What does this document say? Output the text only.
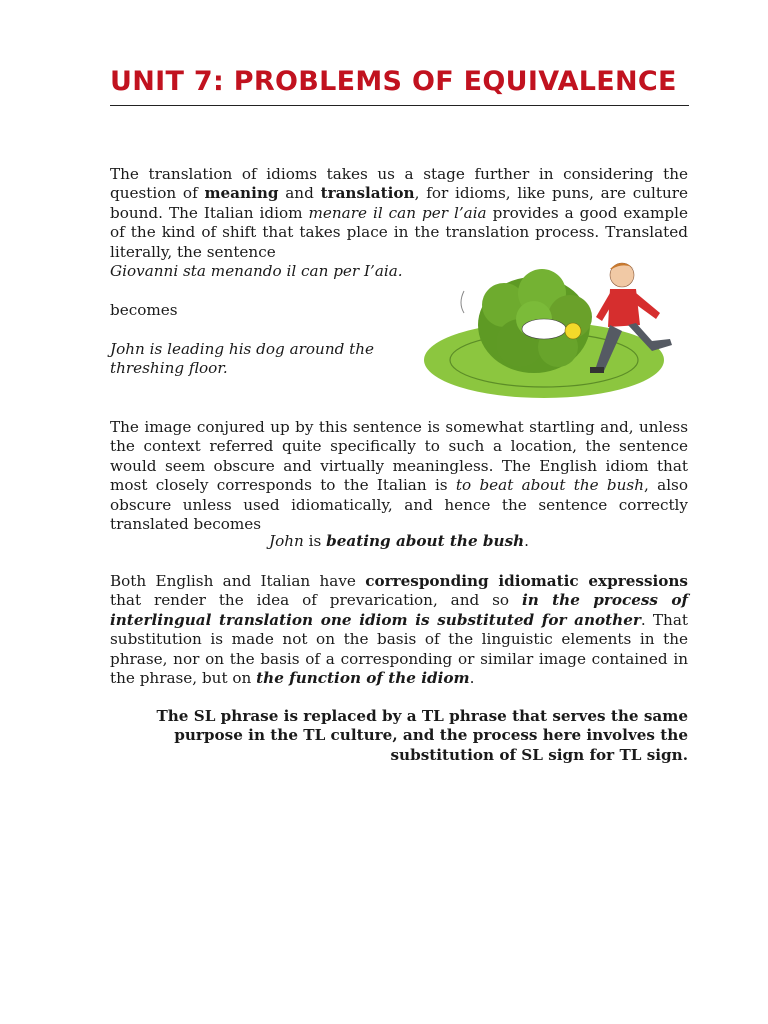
UNIT 7: PROBLEMS OF EQUIVALENCE

The translation of idioms takes us a stage further in considering the question of meaning and translation, for idioms, like puns, are culture bound. The Italian idiom menare il can per l’aia provides a good example of the kind of shift that takes place in the translation process. Translated literally, the sentence

Giovanni sta menando il can per I’aia.

becomes

John is leading his dog around the

threshing floor.

The image conjured up by this sentence is somewhat startling and, unless the context referred quite specifically to such a location, the sentence would seem obscure and virtually meaningless. The English idiom that most closely corresponds to the Italian is to beat about the bush, also obscure unless used idiomatically, and hence the sentence correctly translated becomes

John is beating about the bush.

Both English and Italian have corresponding idiomatic expressions that render the idea of prevarication, and so in the process of interlingual translation one idiom is substituted for another. That substitution is made not on the basis of the linguistic elements in the phrase, nor on the basis of a corresponding or similar image contained in the phrase, but on the function of the idiom.

The SL phrase is replaced by a TL phrase that serves the same purpose in the TL culture, and the process here involves the substitution of SL sign for TL sign.
